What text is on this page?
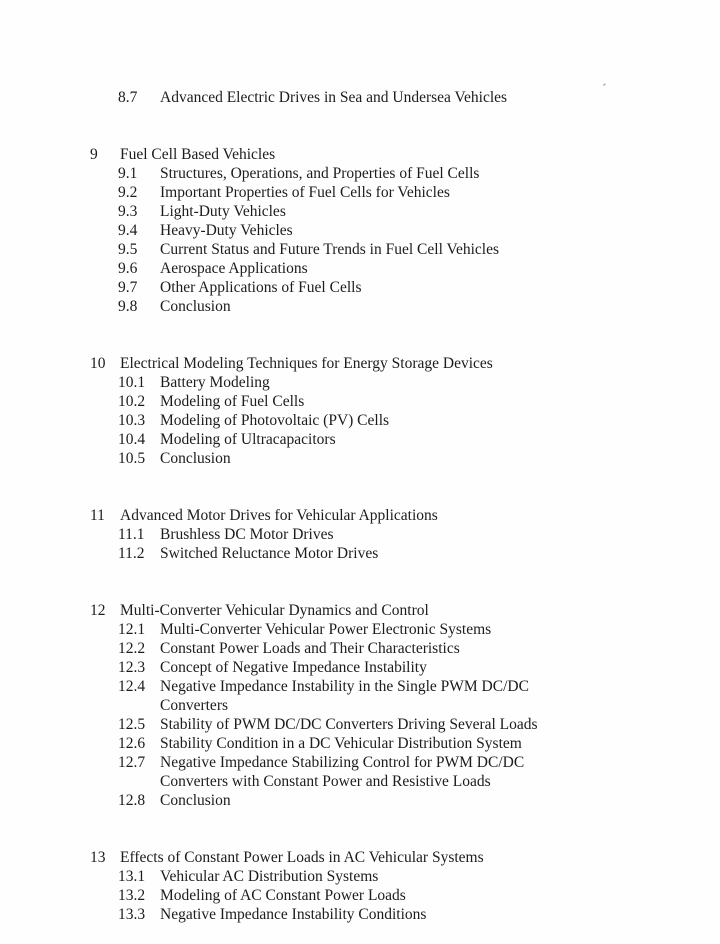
´
8.7	Advanced Electric Drives in Sea and Undersea Vehicles
9	Fuel Cell Based Vehicles
9.1	Structures, Operations, and Properties of Fuel Cells
9.2	Important Properties of Fuel Cells for Vehicles
9.3	Light-Duty Vehicles
9.4	Heavy-Duty Vehicles
9.5	Current Status and Future Trends in Fuel Cell Vehicles
9.6	Aerospace Applications
9.7	Other Applications of Fuel Cells
9.8	Conclusion
10 Electrical Modeling Techniques for Energy Storage Devices
10.1 Battery Modeling
10.2 Modeling of Fuel Cells
10.3 Modeling of Photovoltaic (PV) Cells
10.4 Modeling of Ultracapacitors
10.5 Conclusion
11 Advanced Motor Drives for Vehicular Applications
11.1 Brushless DC Motor Drives
11.2 Switched Reluctance Motor Drives
12 Multi-Converter Vehicular Dynamics and Control
12.1 Multi-Converter Vehicular Power Electronic Systems
12.2 Constant Power Loads and Their Characteristics
12.3 Concept of Negative Impedance Instability
12.4 Negative Impedance Instability in the Single PWM DC/DC
Converters
12.5 Stability of PWM DC/DC Converters Driving Several Loads
12.6 Stability Condition in a DC Vehicular Distribution System
12.7 Negative Impedance Stabilizing Control for PWM DC/DC
Converters with Constant Power and Resistive Loads
12.8 Conclusion
13 Effects of Constant Power Loads in AC Vehicular Systems
13.1 Vehicular AC Distribution Systems
13.2 Modeling of AC Constant Power Loads
13.3 Negative Impedance Instability Conditions
